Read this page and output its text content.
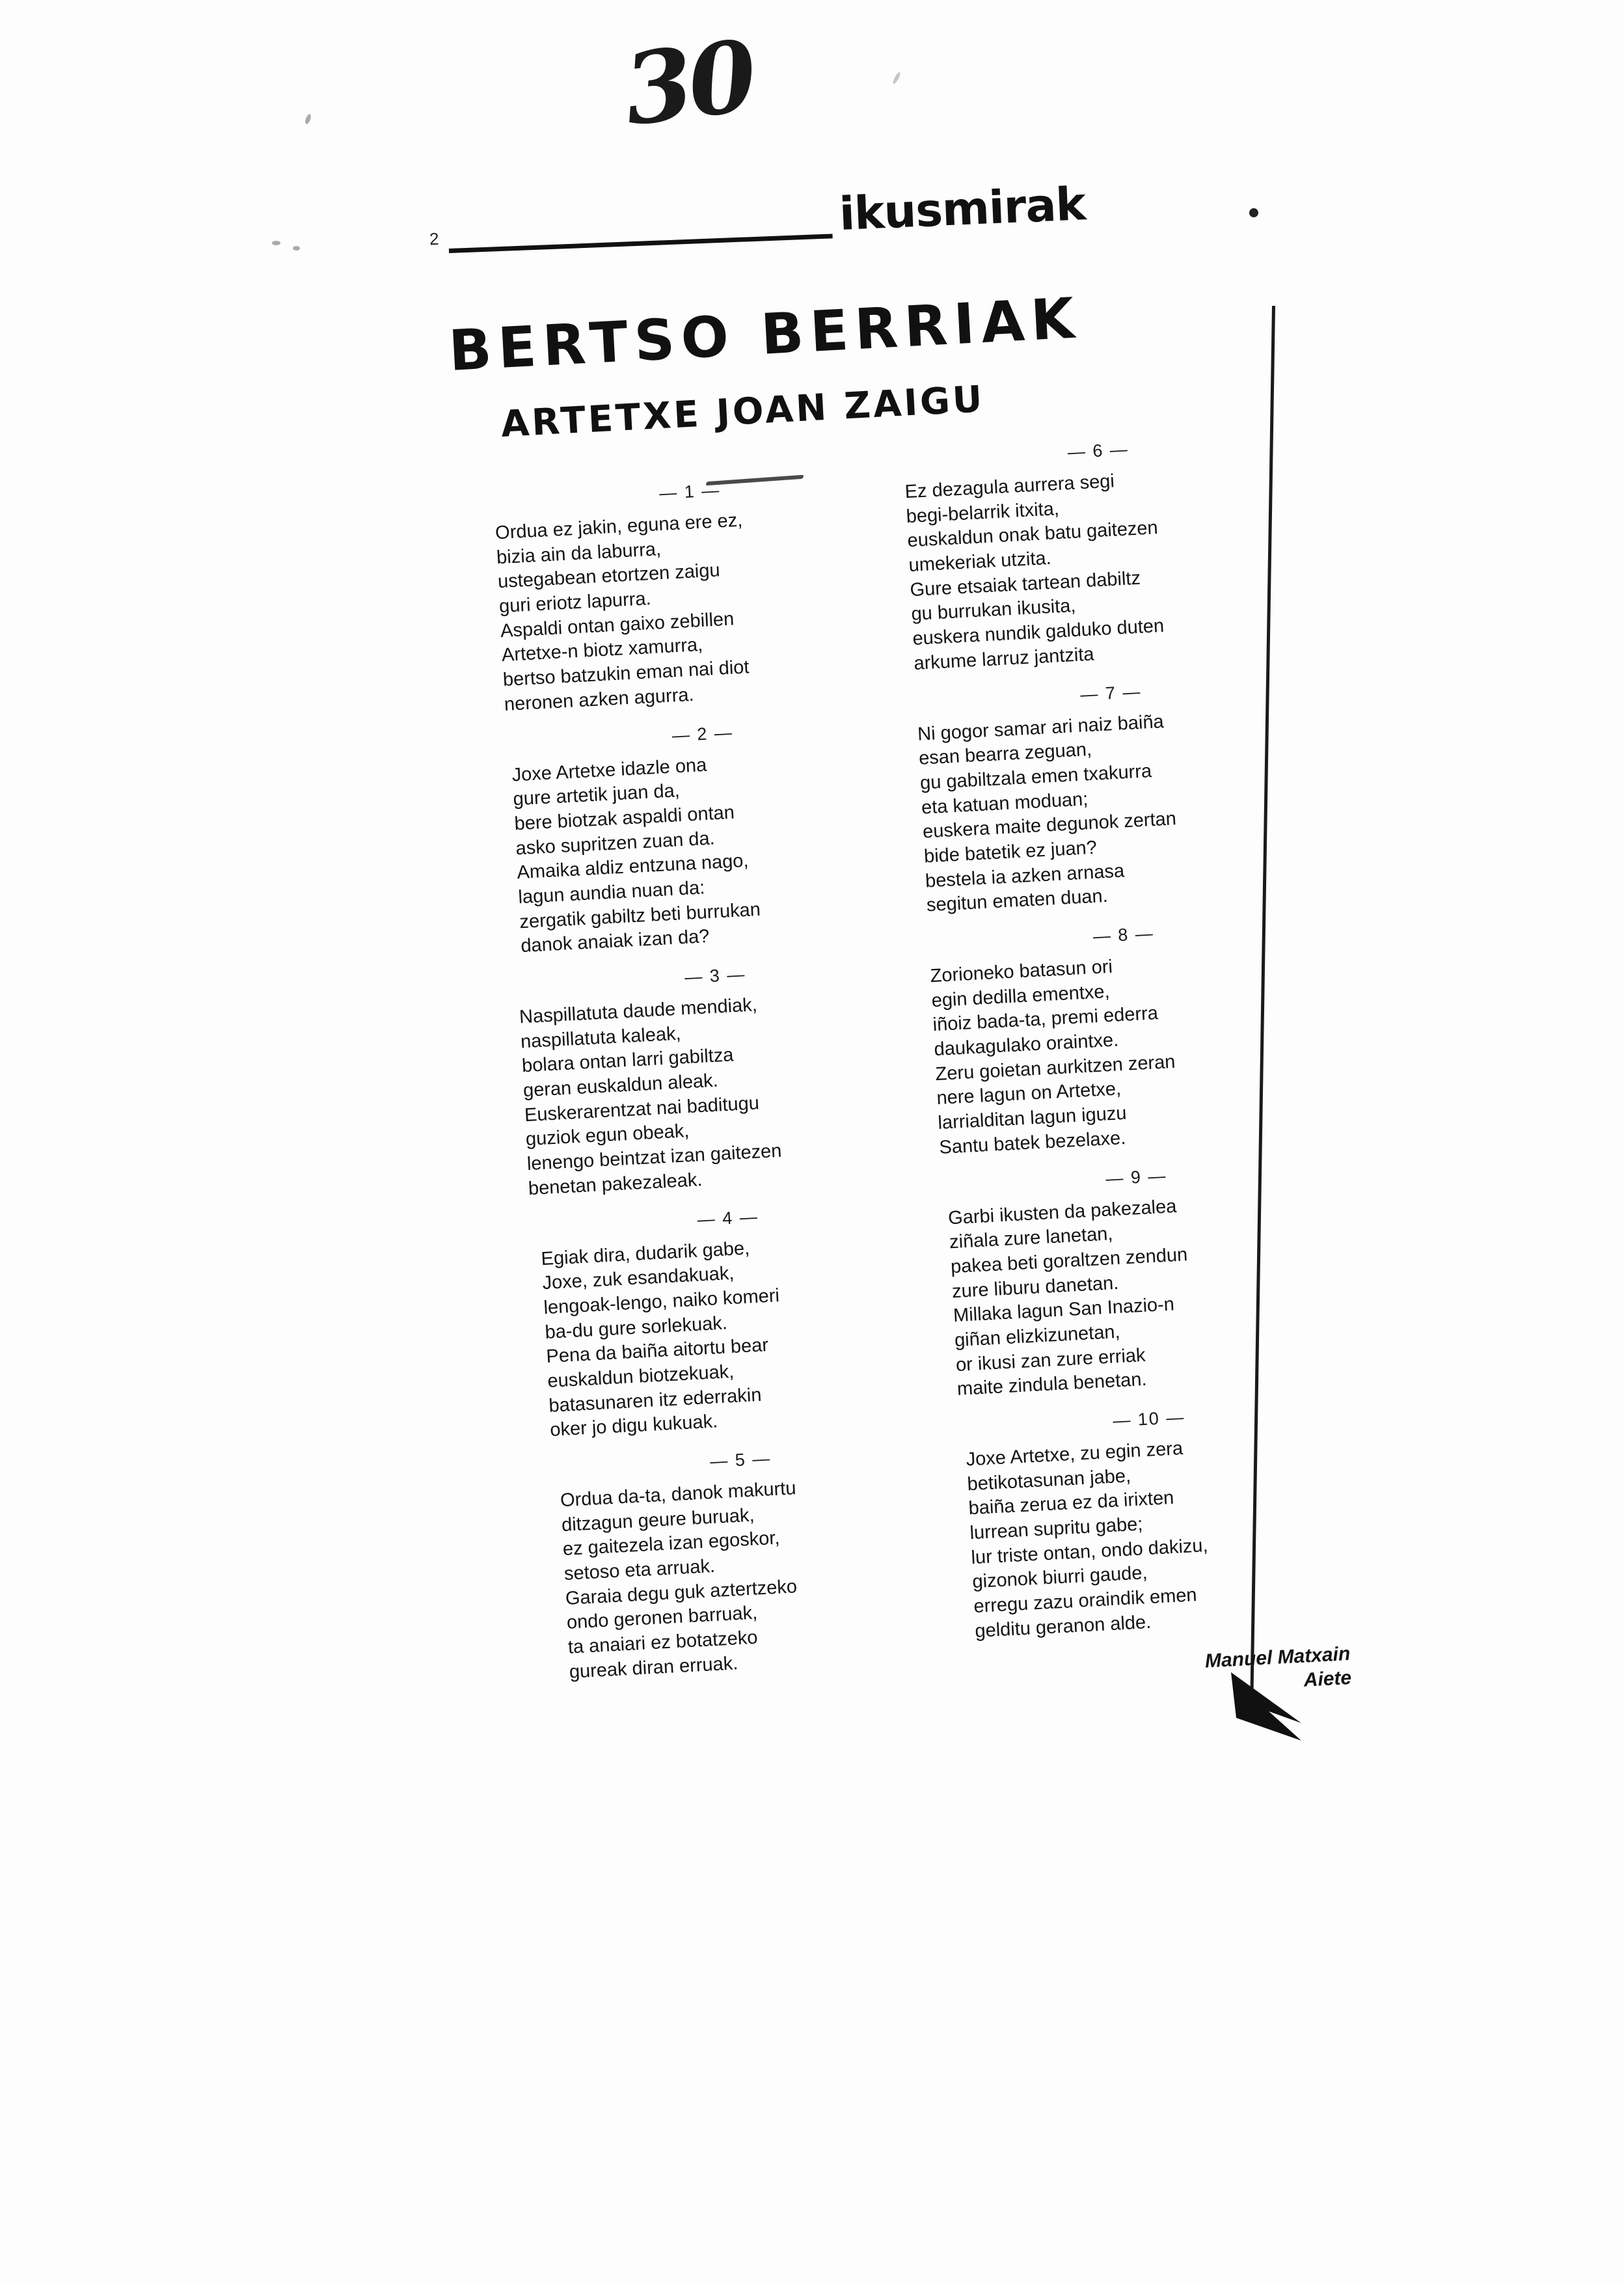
30
2	ikusmirak
BERTSO BERRIAK
ARTETXE JOAN ZAIGU
— 1 —
Ordua ez jakin, eguna ere ez,
bizia ain da laburra,
ustegabean etortzen zaigu
guri eriotz lapurra.
Aspaldi ontan gaixo zebillen
Artetxe-n biotz xamurra,
bertso batzukin eman nai diot
neronen azken agurra.
— 2 —
Joxe Artetxe idazle ona
gure artetik juan da,
bere biotzak aspaldi ontan
asko supritzen zuan da.
Amaika aldiz entzuna nago,
lagun aundia nuan da:
zergatik gabiltz beti burrukan
danok anaiak izan da?
— 3 —
Naspillatuta daude mendiak,
naspillatuta kaleak,
bolara ontan larri gabiltza
geran euskaldun aleak.
Euskerarentzat nai baditugu
guziok egun obeak,
lenengo beintzat izan gaitezen
benetan pakezaleak.
— 4 —
Egiak dira, dudarik gabe,
Joxe, zuk esandakuak,
lengoak-lengo, naiko komeri
ba-du gure sorlekuak.
Pena da baiña aitortu bear
euskaldun biotzekuak,
batasunaren itz ederrakin
oker jo digu kukuak.
— 5 —
Ordua da-ta, danok makurtu
ditzagun geure buruak,
ez gaitezela izan egoskor,
setoso eta arruak.
Garaia degu guk aztertzeko
ondo geronen barruak,
ta anaiari ez botatzeko
gureak diran erruak.
— 6 —
Ez dezagula aurrera segi
begi-belarrik itxita,
euskaldun onak batu gaitezen
umekeriak utzita.
Gure etsaiak tartean dabiltz
gu burrukan ikusita,
euskera nundik galduko duten
arkume larruz jantzita
— 7 —
Ni gogor samar ari naiz baiña
esan bearra zeguan,
gu gabiltzala emen txakurra
eta katuan moduan;
euskera maite degunok zertan
bide batetik ez juan?
bestela ia azken arnasa
segitun ematen duan.
— 8 —
Zorioneko batasun ori
egin dedilla ementxe,
iñoiz bada-ta, premi ederra
daukagulako oraintxe.
Zeru goietan aurkitzen zeran
nere lagun on Artetxe,
larrialditan lagun iguzu
Santu batek bezelaxe.
— 9 —
Garbi ikusten da pakezalea
ziñala zure lanetan,
pakea beti goraltzen zendun
zure liburu danetan.
Millaka lagun San Inazio-n
giñan elizkizunetan,
or ikusi zan zure erriak
maite zindula benetan.
— 10 —
Joxe Artetxe, zu egin zera
betikotasunan jabe,
baiña zerua ez da irixten
lurrean supritu gabe;
lur triste ontan, ondo dakizu,
gizonok biurri gaude,
erregu zazu oraindik emen
gelditu geranon alde.
Manuel Matxain
Aiete
